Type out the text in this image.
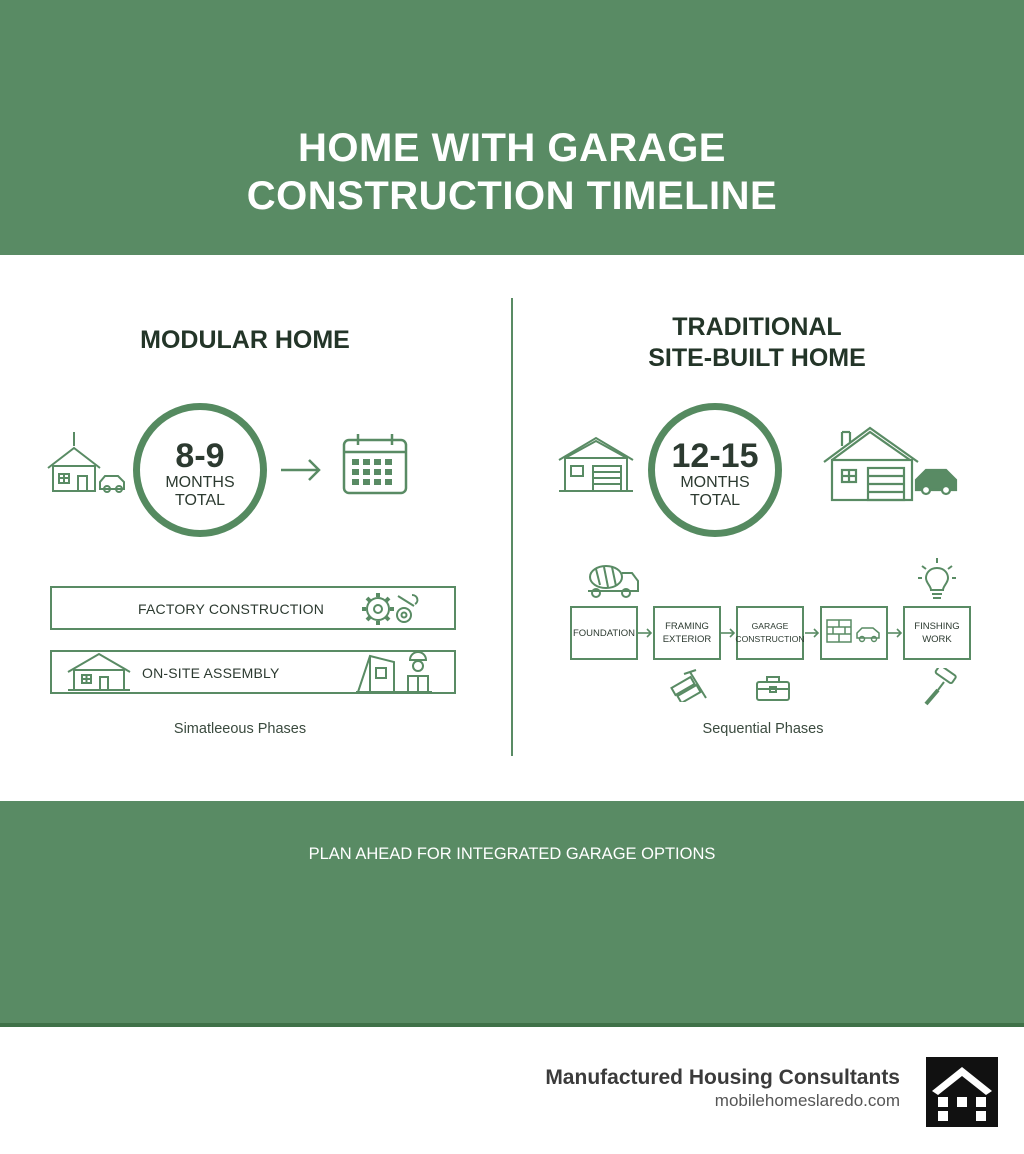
HOME WITH GARAGE
CONSTRUCTION TIMELINE
MODULAR HOME
8-9
MONTHS
TOTAL
FACTORY CONSTRUCTION
ON-SITE ASSEMBLY
Simatleeous Phases
TRADITIONAL
SITE-BUILT HOME
12-15
MONTHS
TOTAL
FOUNDATION
FRAMING
EXTERIOR
GARAGE
CONSTRUCTION
FINSHING
WORK
Sequential Phases
PLAN AHEAD FOR INTEGRATED GARAGE OPTIONS
Manufactured Housing Consultants
mobilehomeslaredo.com
